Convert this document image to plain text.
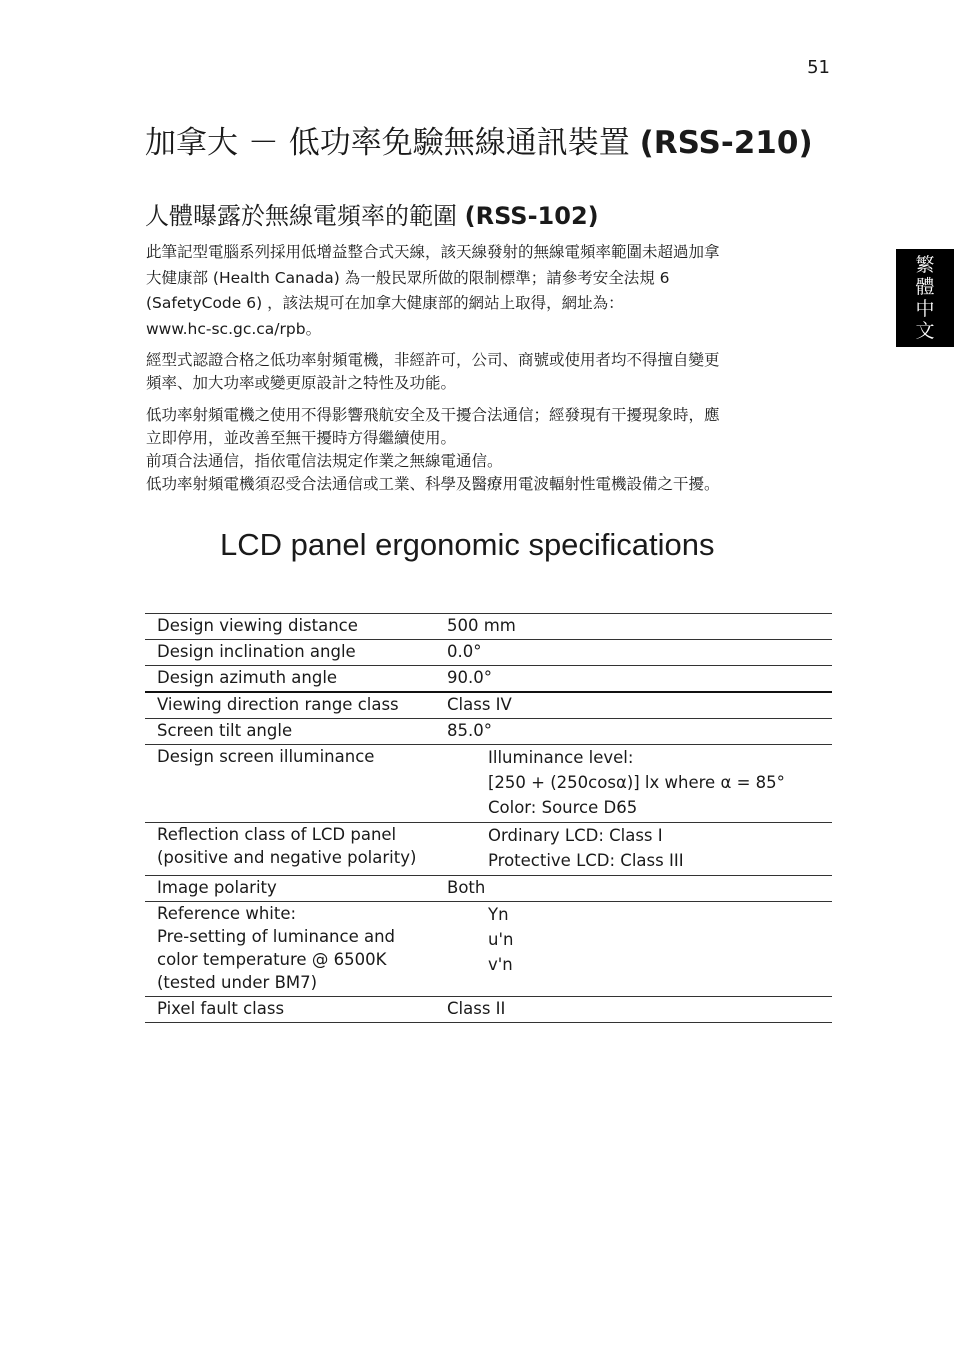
51
繁
體
中
文
加拿大 － 低功率免驗無線通訊裝置 (RSS-210)
人體曝露於無線電頻率的範圍 (RSS-102)
此筆記型電腦系列採用低增益整合式天線，該天線發射的無線電頻率範圍未超過加拿
大健康部 (Health Canada) 為一般民眾所做的限制標準；請參考安全法規 6
(SafetyCode 6) ，該法規可在加拿大健康部的網站上取得，網址為：
www.hc-sc.gc.ca/rpb。
經型式認證合格之低功率射頻電機，非經許可，公司、商號或使用者均不得擅自變更
頻率、加大功率或變更原設計之特性及功能。
低功率射頻電機之使用不得影響飛航安全及干擾合法通信；經發現有干擾現象時，應
立即停用，並改善至無干擾時方得繼續使用。
前項合法通信，指依電信法規定作業之無線電通信。
低功率射頻電機須忍受合法通信或工業、科學及醫療用電波輻射性電機設備之干擾。
LCD panel ergonomic specifications
Design viewing distance	500 mm

Design inclination angle	0.0°

Design azimuth angle	90.0°

Viewing direction range class	Class IV

Screen tilt angle	85.0°

Design screen illuminance	Illuminance level:
[250 + (250cosα)] lx where α = 85°
Color: Source D65

Reflection class of LCD panel
(positive and negative polarity)	Ordinary LCD: Class I
Protective LCD: Class III

Image polarity	Both

Reference white:
Pre-setting of luminance and
color temperature @ 6500K
(tested under BM7)	Yn
u'n
v'n

Pixel fault class	Class II
